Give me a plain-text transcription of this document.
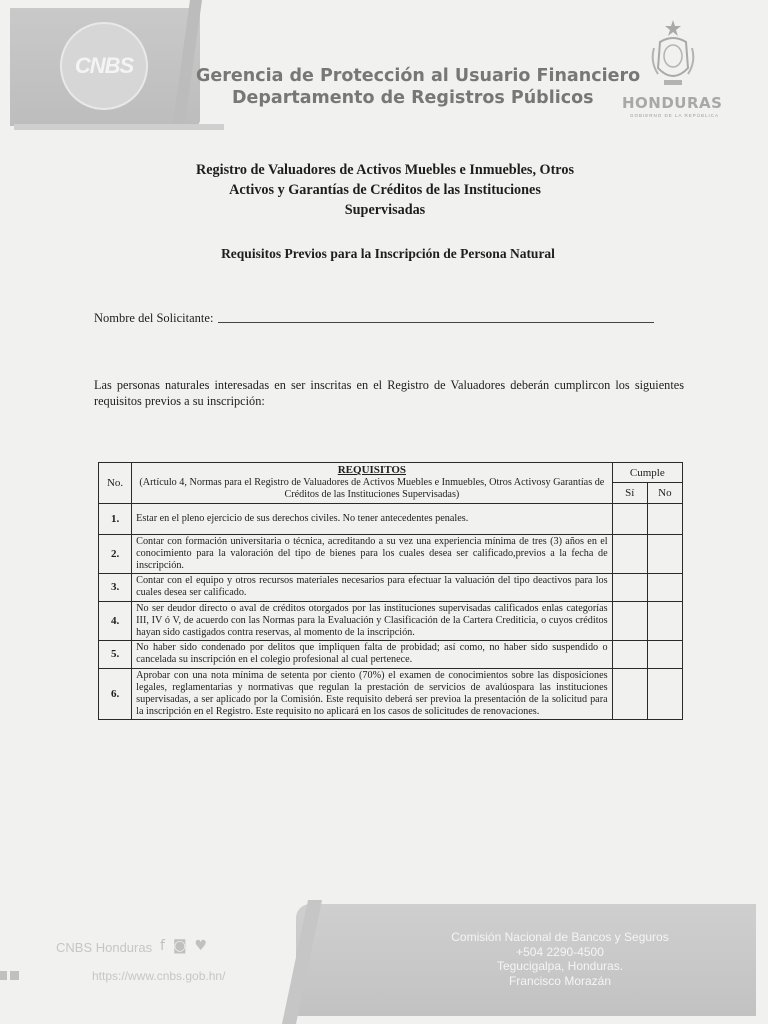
CNBS	Gerencia de Protección al Usuario Financiero
Departamento de Registros Públicos HONDURAS
GOBIERNO DE LA REPÚBLICA
Registro de Valuadores de Activos Muebles e Inmuebles, Otros
Activos y Garantías de Créditos de las Instituciones
Supervisadas
Requisitos Previos para la Inscripción de Persona Natural
Nombre del Solicitante:
Las personas naturales interesadas en ser inscritas en el Registro de Valuadores deberán cumplircon los siguientes requisitos previos a su inscripción:
No.	REQUISITOS
(Artículo 4, Normas para el Registro de Valuadores de Activos Muebles e Inmuebles, Otros Activosy Garantías de Créditos de las Instituciones Supervisadas)	Cumple	
		Sí	No
1.	Estar en el pleno ejercicio de sus derechos civiles. No tener antecedentes penales.		
2.	Contar con formación universitaria o técnica, acreditando a su vez una experiencia mínima de tres (3) años en el conocimiento para la valoración del tipo de bienes para los cuales desea ser calificado,previos a la fecha de inscripción.		
3.	Contar con el equipo y otros recursos materiales necesarios para efectuar la valuación del tipo deactivos para los cuales desea ser calificado.		
4.	No ser deudor directo o aval de créditos otorgados por las instituciones supervisadas calificados enlas categorías III, IV ó V, de acuerdo con las Normas para la Evaluación y Clasificación de la Cartera Crediticia, o cuyos créditos hayan sido castigados contra reservas, al momento de la inscripción.		
5.	No haber sido condenado por delitos que impliquen falta de probidad; así como, no haber sido suspendido o cancelada su inscripción en el colegio profesional al cual pertenece.		
6.	Aprobar con una nota mínima de setenta por ciento (70%) el examen de conocimientos sobre las disposiciones legales, reglamentarias y normativas que regulan la prestación de servicios de avalúospara las instituciones supervisadas, a ser aplicado por la Comisión. Este requisito deberá ser previoa la presentación de la solicitud para la inscripción en el Registro. Este requisito no aplicará en los casos de solicitudes de renovaciones.		
Comisión Nacional de Bancos y Seguros
+504 2290-4500
Tegucigalpa, Honduras.
Francisco Morazán
CNBS Honduras f◙♥
https://www.cnbs.gob.hn/
